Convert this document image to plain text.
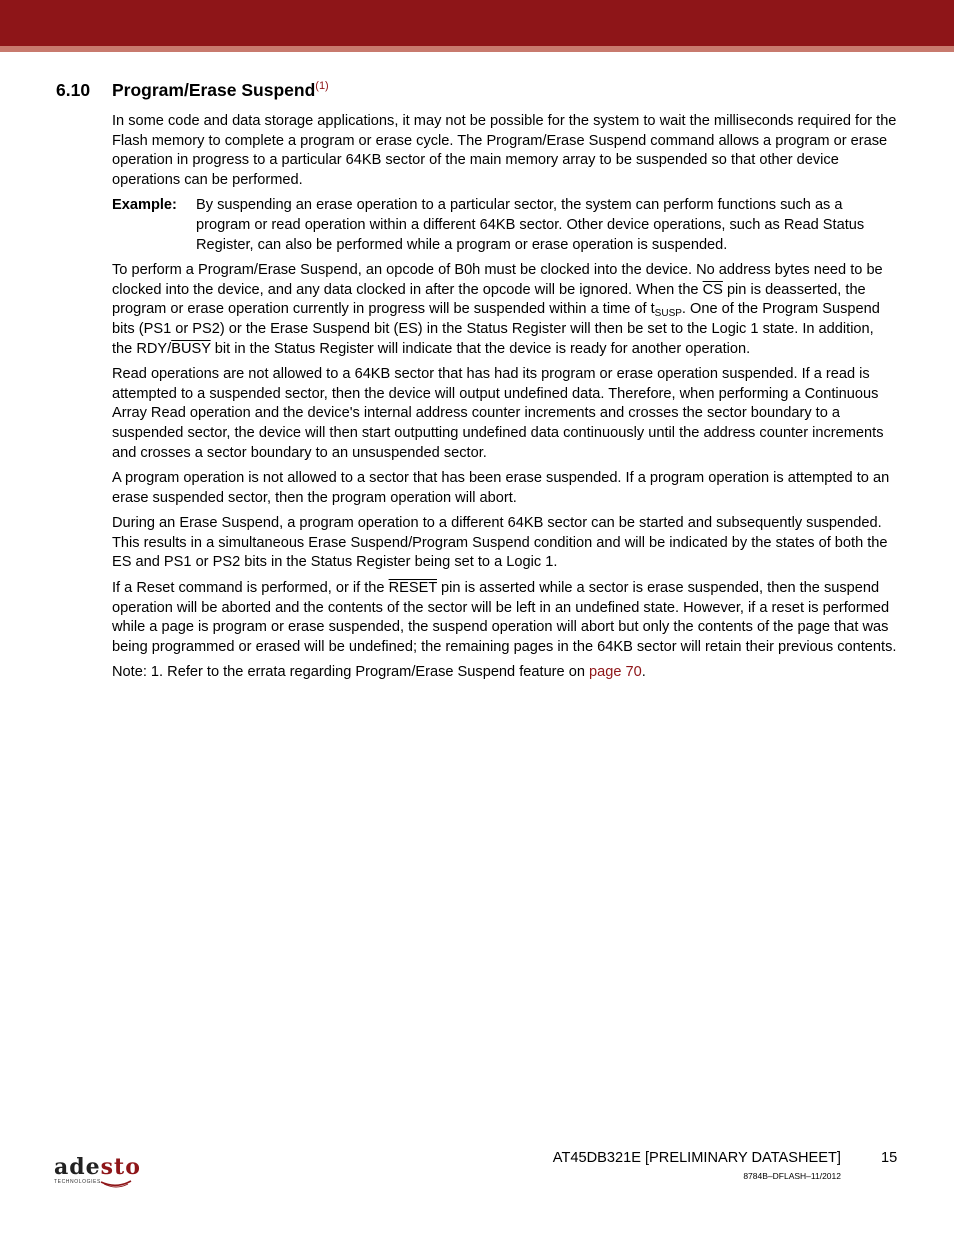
6.10 Program/Erase Suspend$^{(1)}$

In some code and data storage applications, it may not be possible for the system to wait the milliseconds required for the Flash memory to complete a program or erase cycle. The Program/Erase Suspend command allows a program or erase operation in progress to a particular 64KB sector of the main memory array to be suspended so that other device operations can be performed.

Example:	By suspending an erase operation to a particular sector, the system can perform functions such as a program or read operation within a different 64KB sector. Other device operations, such as Read Status Register, can also be performed while a program or erase operation is suspended.

To perform a Program/Erase Suspend, an opcode of B0h must be clocked into the device. No address bytes need to be clocked into the device, and any data clocked in after the opcode will be ignored. When the $\overline{CS}$ pin is deasserted, the program or erase operation currently in progress will be suspended within a time of $t_{SUSP}$. One of the Program Suspend bits (PS1 or PS2) or the Erase Suspend bit (ES) in the Status Register will then be set to the Logic 1 state. In addition, the RDY/BUSY bit in the Status Register will indicate that the device is ready for another operation.

Read operations are not allowed to a 64KB sector that has had its program or erase operation suspended. If a read is attempted to a suspended sector, then the device will output undefined data. Therefore, when performing a Continuous Array Read operation and the device's internal address counter increments and crosses the sector boundary to a suspended sector, the device will then start outputting undefined data continuously until the address counter increments and crosses a sector boundary to an unsuspended sector.

A program operation is not allowed to a sector that has been erase suspended. If a program operation is attempted to an erase suspended sector, then the program operation will abort.

During an Erase Suspend, a program operation to a different 64KB sector can be started and subsequently suspended. This results in a simultaneous Erase Suspend/Program Suspend condition and will be indicated by the states of both the ES and PS1 or PS2 bits in the Status Register being set to a Logic 1.

If a Reset command is performed, or if the RESET pin is asserted while a sector is erase suspended, then the suspend operation will be aborted and the contents of the sector will be left in an undefined state. However, if a reset is performed while a page is program or erase suspended, the suspend operation will abort but only the contents of the page that was being programmed or erased will be undefined; the remaining pages in the 64KB sector will retain their previous contents.

Note: 1. Refer to the errata regarding Program/Erase Suspend feature on page 70.

adesto
TECHNOLOGIES
AT45DB321E [PRELIMINARY DATASHEET]	15
8784B–DFLASH–11/2012
